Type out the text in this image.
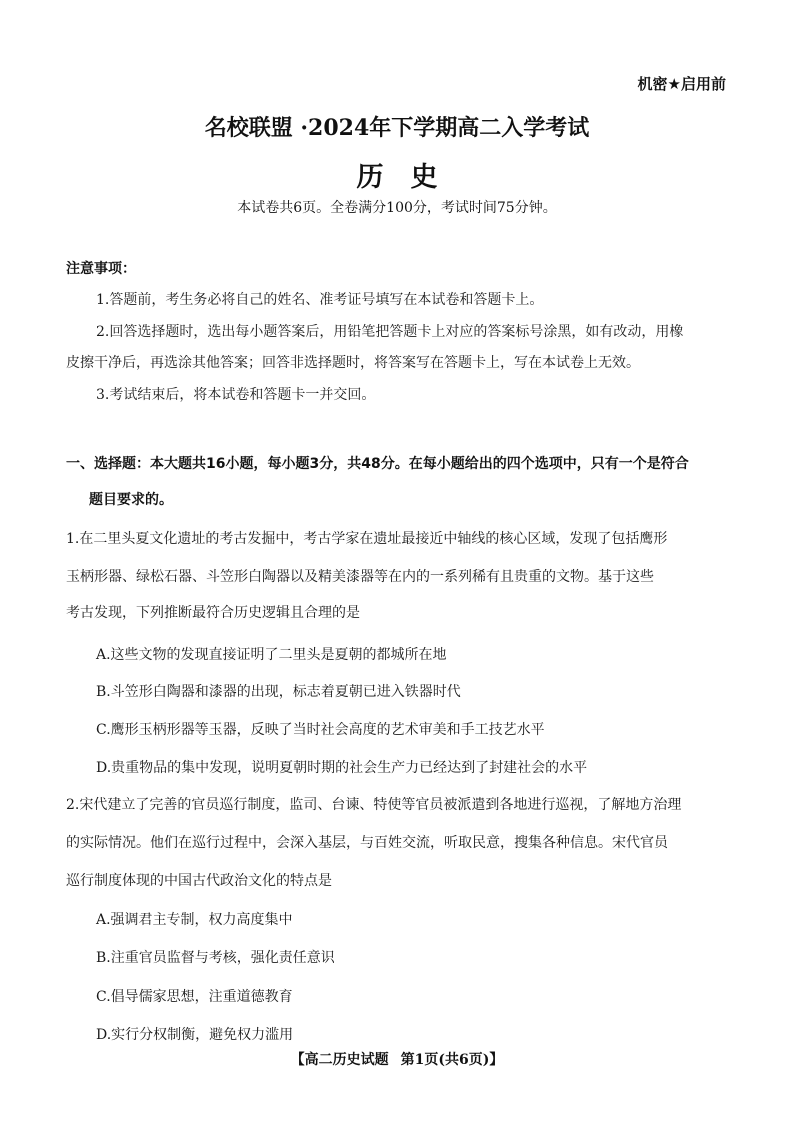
机密★启用前
名校联盟 ·2024年下学期高二入学考试
历　史
本试卷共6页。全卷满分100分，考试时间75分钟。
注意事项：
1.答题前，考生务必将自己的姓名、准考证号填写在本试卷和答题卡上。
2.回答选择题时，选出每小题答案后，用铅笔把答题卡上对应的答案标号涂黑，如有改动，用橡
皮擦干净后，再选涂其他答案；回答非选择题时，将答案写在答题卡上，写在本试卷上无效。
3.考试结束后，将本试卷和答题卡一并交回。
一、选择题：本大题共16小题，每小题3分，共48分。在每小题给出的四个选项中，只有一个是符合
题目要求的。
1.在二里头夏文化遗址的考古发掘中，考古学家在遗址最接近中轴线的核心区域，发现了包括鹰形
玉柄形器、绿松石器、斗笠形白陶器以及精美漆器等在内的一系列稀有且贵重的文物。基于这些
考古发现，下列推断最符合历史逻辑且合理的是
A.这些文物的发现直接证明了二里头是夏朝的都城所在地
B.斗笠形白陶器和漆器的出现，标志着夏朝已进入铁器时代
C.鹰形玉柄形器等玉器，反映了当时社会高度的艺术审美和手工技艺水平
D.贵重物品的集中发现，说明夏朝时期的社会生产力已经达到了封建社会的水平
2.宋代建立了完善的官员巡行制度，监司、台谏、特使等官员被派遣到各地进行巡视，了解地方治理
的实际情况。他们在巡行过程中，会深入基层，与百姓交流，听取民意，搜集各种信息。宋代官员
巡行制度体现的中国古代政治文化的特点是
A.强调君主专制，权力高度集中
B.注重官员监督与考核，强化责任意识
C.倡导儒家思想，注重道德教育
D.实行分权制衡，避免权力滥用
【高二历史试题 第1页(共6页)】
